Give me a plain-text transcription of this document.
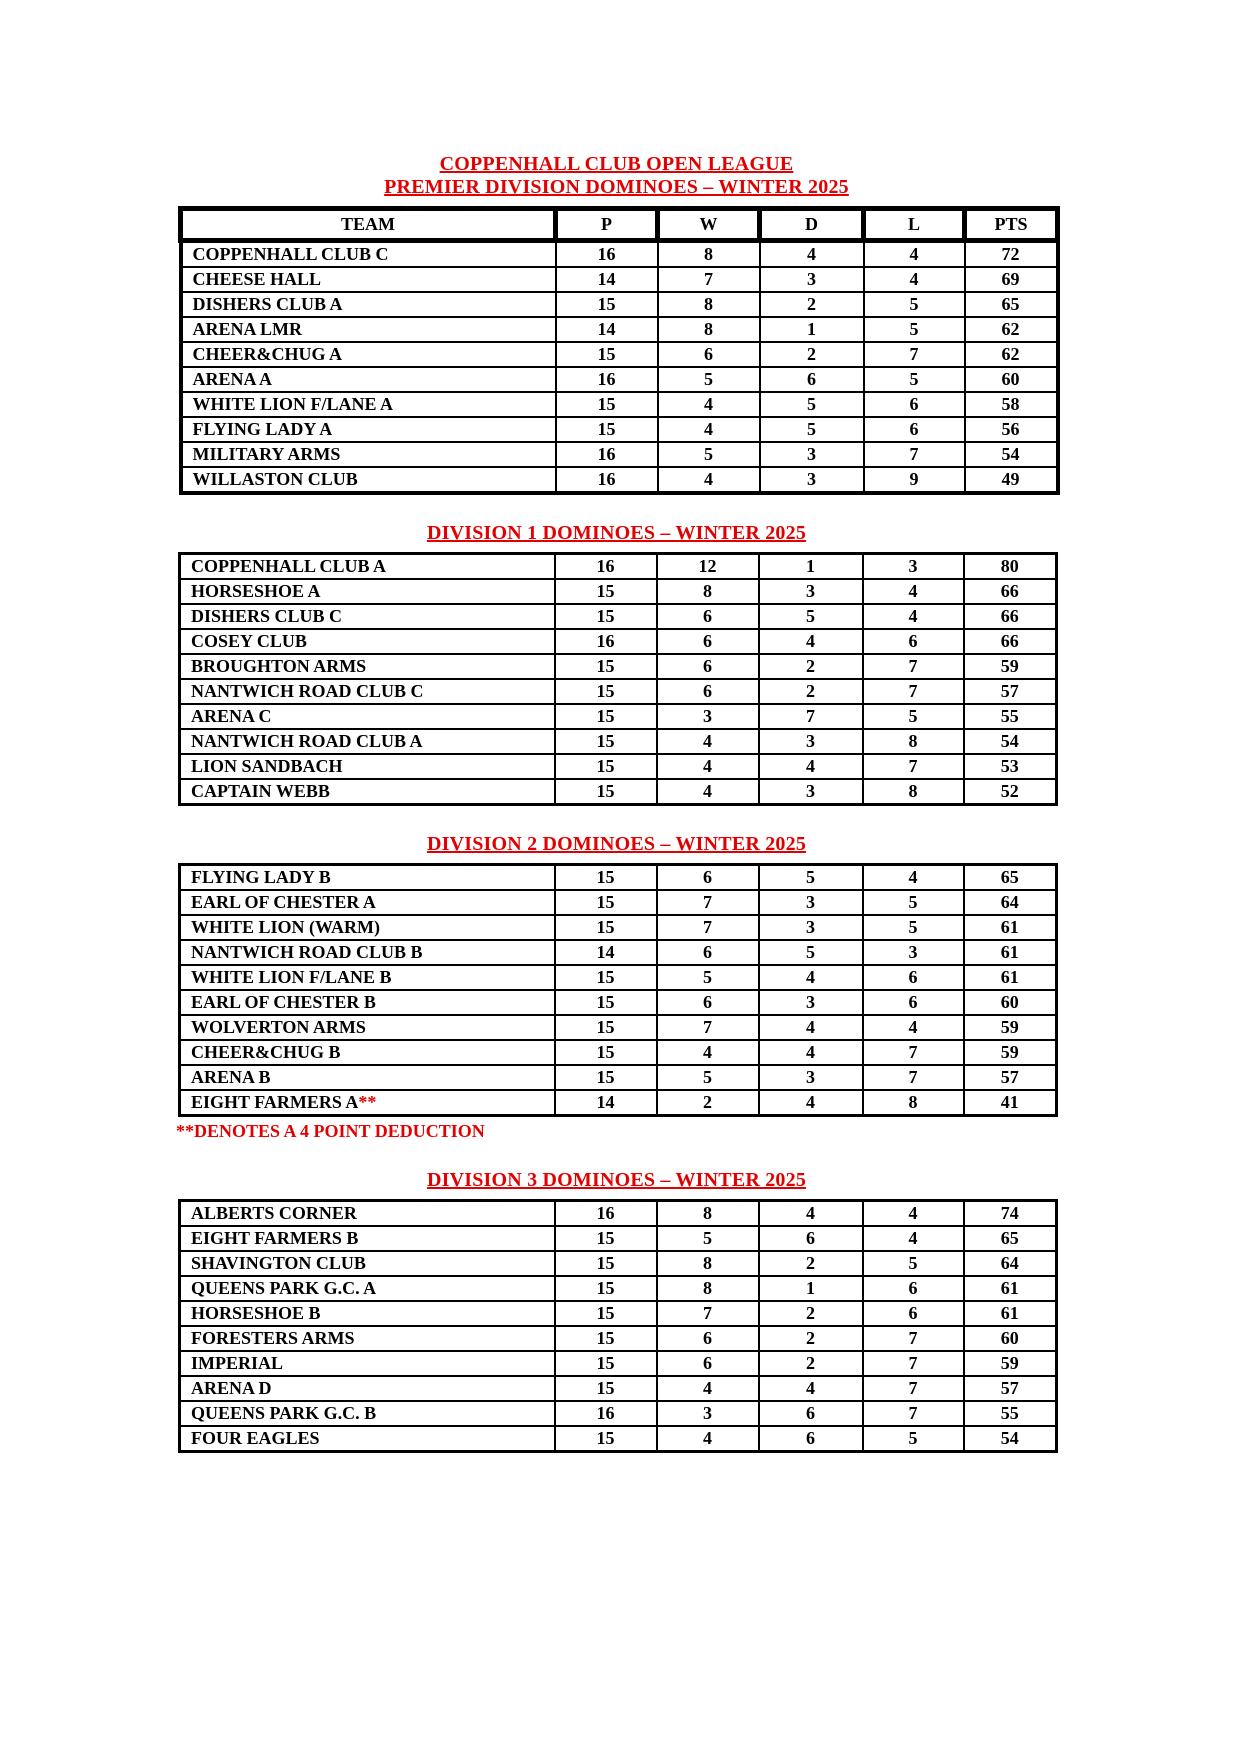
COPPENHALL CLUB OPEN LEAGUE
PREMIER DIVISION DOMINOES – WINTER 2025
TEAM	P	W	D	L	PTS
COPPENHALL CLUB C	16	8	4	4	72
CHEESE HALL	14	7	3	4	69
DISHERS CLUB A	15	8	2	5	65
ARENA LMR	14	8	1	5	62
CHEER&CHUG A	15	6	2	7	62
ARENA A	16	5	6	5	60
WHITE LION F/LANE A	15	4	5	6	58
FLYING LADY A	15	4	5	6	56
MILITARY ARMS	16	5	3	7	54
WILLASTON CLUB	16	4	3	9	49
DIVISION 1 DOMINOES – WINTER 2025
COPPENHALL CLUB A	16	12	1	3	80
HORSESHOE A	15	8	3	4	66
DISHERS CLUB C	15	6	5	4	66
COSEY CLUB	16	6	4	6	66
BROUGHTON ARMS	15	6	2	7	59
NANTWICH ROAD CLUB C	15	6	2	7	57
ARENA C	15	3	7	5	55
NANTWICH ROAD CLUB A	15	4	3	8	54
LION SANDBACH	15	4	4	7	53
CAPTAIN WEBB	15	4	3	8	52
DIVISION 2 DOMINOES – WINTER 2025
FLYING LADY B	15	6	5	4	65
EARL OF CHESTER A	15	7	3	5	64
WHITE LION (WARM)	15	7	3	5	61
NANTWICH ROAD CLUB B	14	6	5	3	61
WHITE LION F/LANE B	15	5	4	6	61
EARL OF CHESTER B	15	6	3	6	60
WOLVERTON ARMS	15	7	4	4	59
CHEER&CHUG B	15	4	4	7	59
ARENA B	15	5	3	7	57
EIGHT FARMERS A**	14	2	4	8	41
**DENOTES A 4 POINT DEDUCTION
DIVISION 3 DOMINOES – WINTER 2025
ALBERTS CORNER	16	8	4	4	74
EIGHT FARMERS B	15	5	6	4	65
SHAVINGTON CLUB	15	8	2	5	64
QUEENS PARK G.C. A	15	8	1	6	61
HORSESHOE B	15	7	2	6	61
FORESTERS ARMS	15	6	2	7	60
IMPERIAL	15	6	2	7	59
ARENA D	15	4	4	7	57
QUEENS PARK G.C. B	16	3	6	7	55
FOUR EAGLES	15	4	6	5	54
